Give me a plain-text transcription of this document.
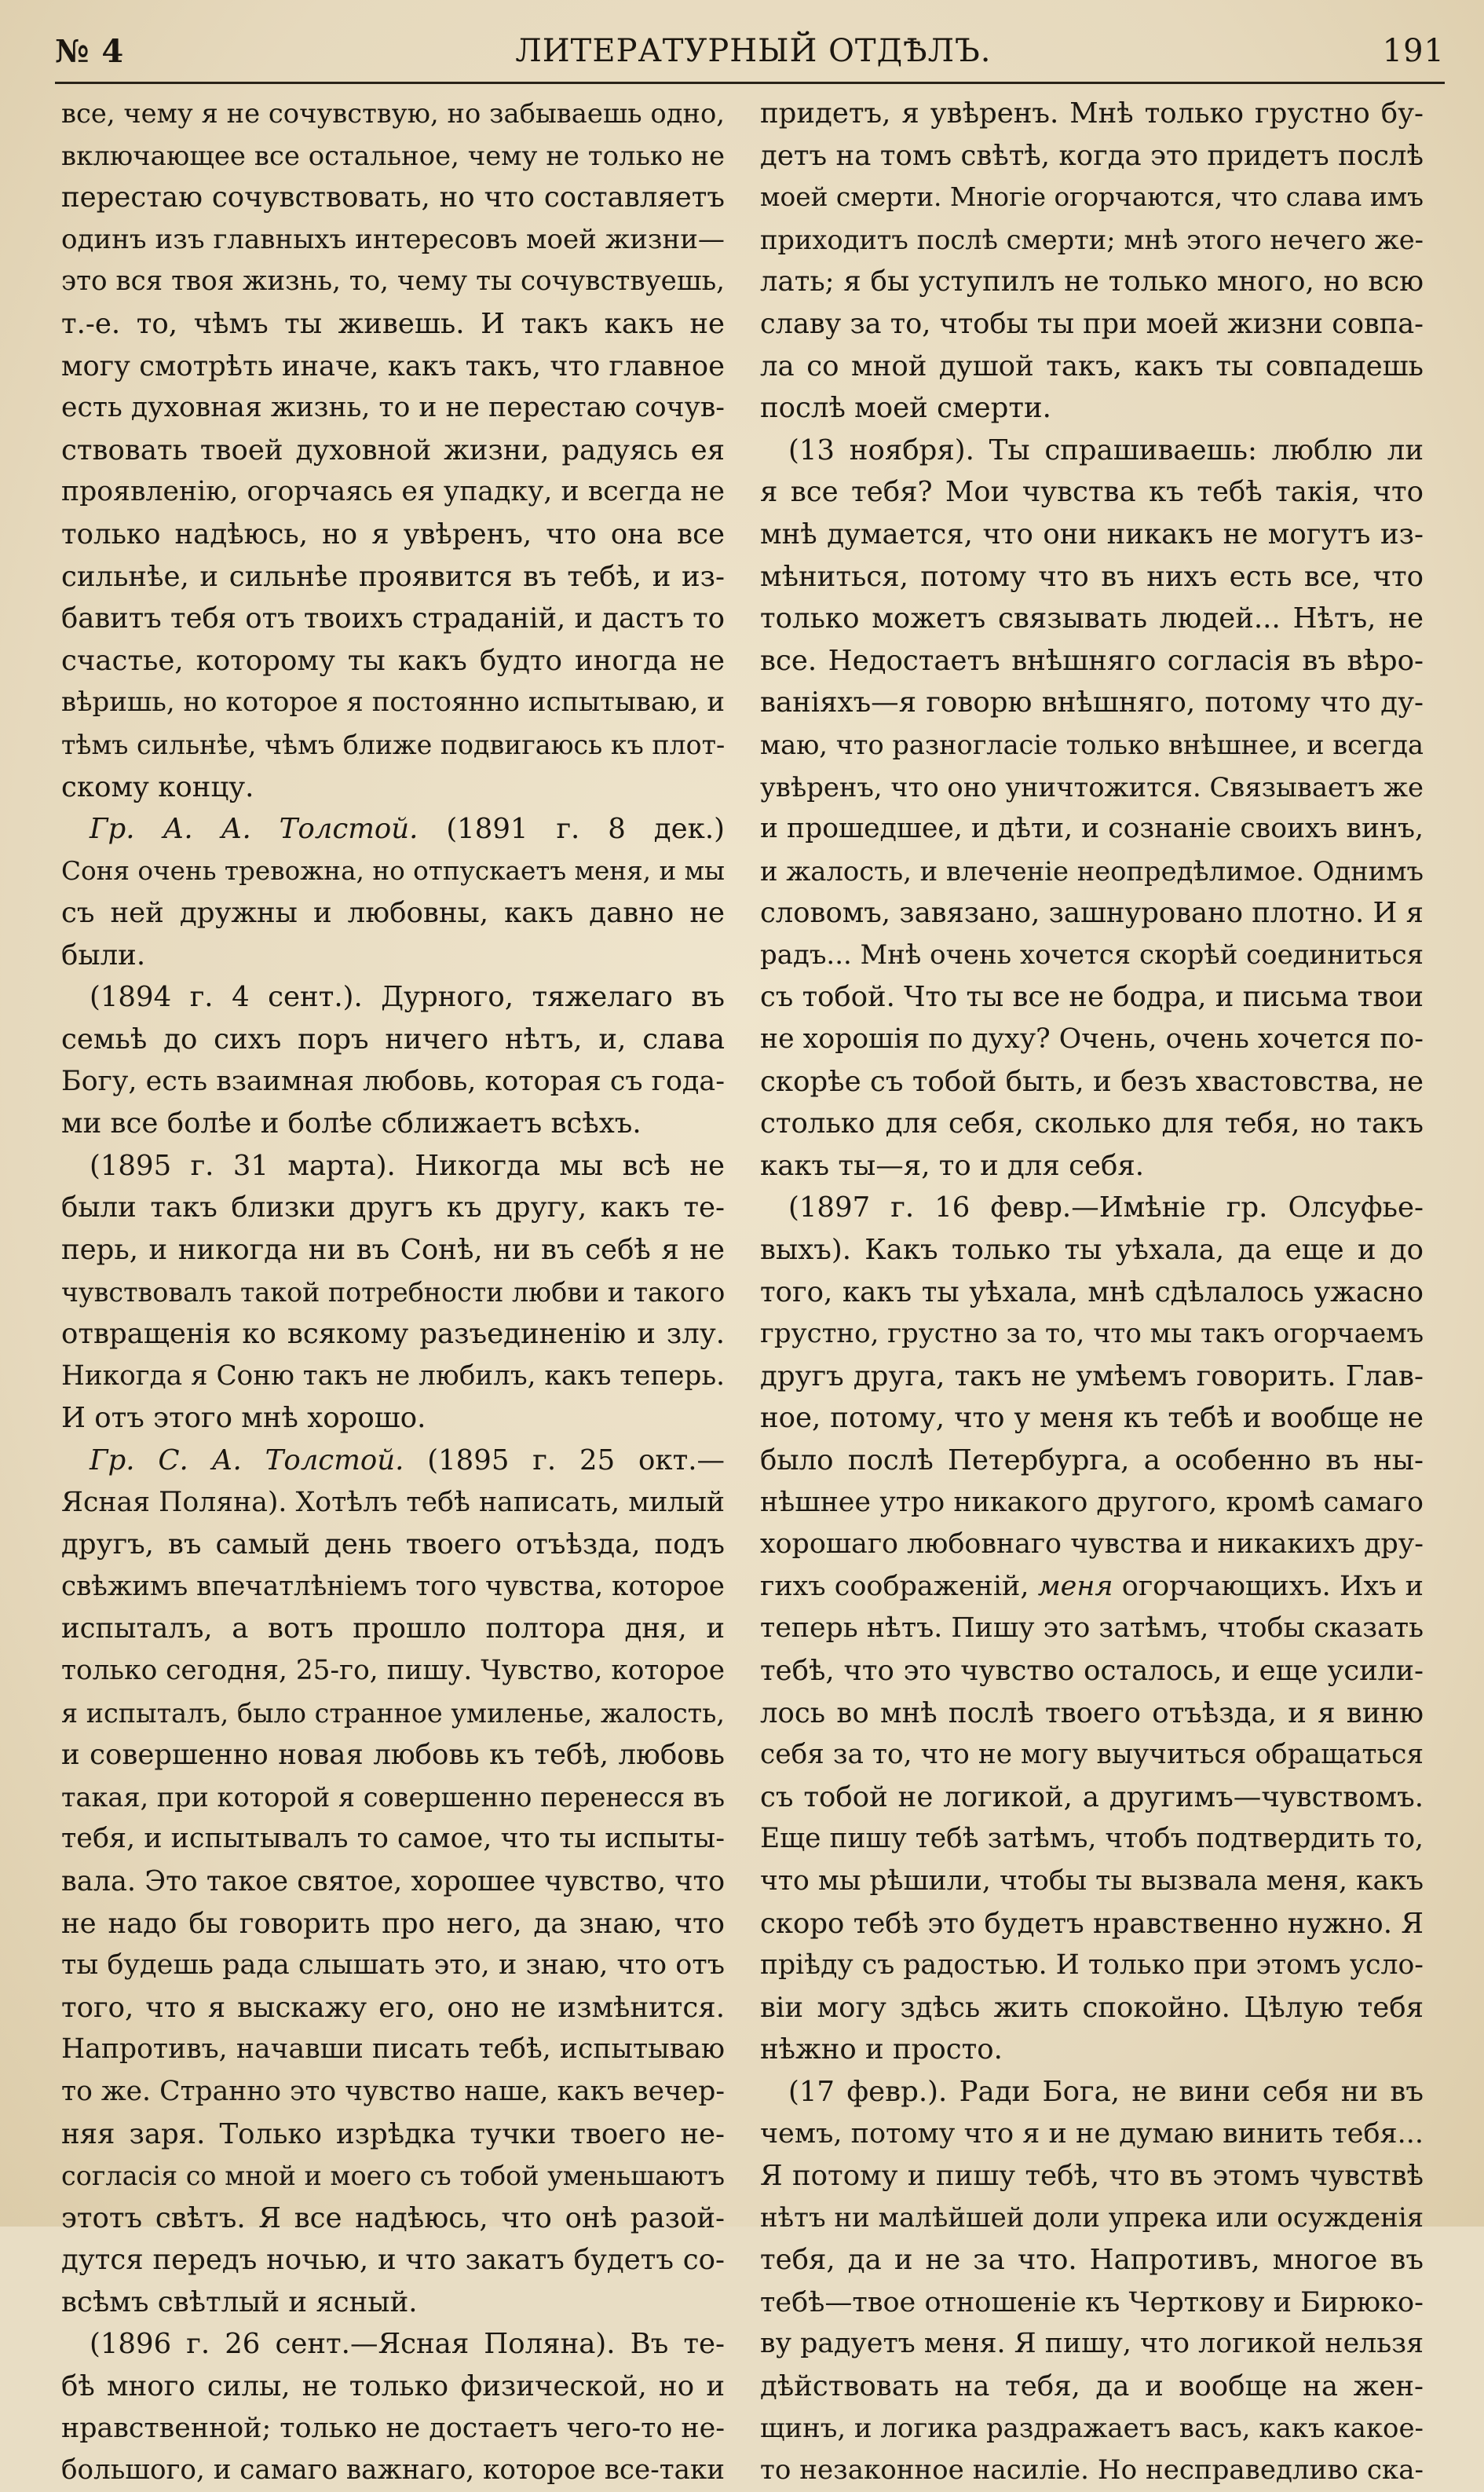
№ 4	ЛИТЕРАТУРНЫЙ ОТДѢЛЪ.	191
все, чему я не сочувствую, но забываешь одно,
включающее все остальное, чему не только не
перестаю сочувствовать, но что составляетъ
одинъ изъ главныхъ интересовъ моей жизни—
это вся твоя жизнь, то, чему ты сочувствуешь,
т.-е. то, чѣмъ ты живешь. И такъ какъ не
могу смотрѣть иначе, какъ такъ, что главное
есть духовная жизнь, то и не перестаю сочув-
ствовать твоей духовной жизни, радуясь ея
проявленію, огорчаясь ея упадку, и всегда не
только надѣюсь, но я увѣренъ, что она все
сильнѣе, и сильнѣе проявится въ тебѣ, и из-
бавитъ тебя отъ твоихъ страданій, и дастъ то
счастье, которому ты какъ будто иногда не
вѣришь, но которое я постоянно испытываю, и
тѣмъ сильнѣе, чѣмъ ближе подвигаюсь къ плот-
скому концу.
Гр. А. А. Толстой. (1891 г. 8 дек.)
Соня очень тревожна, но отпускаетъ меня, и мы
съ ней дружны и любовны, какъ давно не
были.
(1894 г. 4 сент.). Дурного, тяжелаго въ
семьѣ до сихъ поръ ничего нѣтъ, и, слава
Богу, есть взаимная любовь, которая съ года-
ми все болѣе и болѣе сближаетъ всѣхъ.
(1895 г. 31 марта). Никогда мы всѣ не
были такъ близки другъ къ другу, какъ те-
перь, и никогда ни въ Сонѣ, ни въ себѣ я не
чувствовалъ такой потребности любви и такого
отвращенія ко всякому разъединенію и злу.
Никогда я Соню такъ не любилъ, какъ теперь.
И отъ этого мнѣ хорошо.
Гр. С. А. Толстой. (1895 г. 25 окт.—
Ясная Поляна). Хотѣлъ тебѣ написать, милый
другъ, въ самый день твоего отъѣзда, подъ
свѣжимъ впечатлѣніемъ того чувства, которое
испыталъ, а вотъ прошло полтора дня, и
только сегодня, 25-го, пишу. Чувство, которое
я испыталъ, было странное умиленье, жалость,
и совершенно новая любовь къ тебѣ, любовь
такая, при которой я совершенно перенесся въ
тебя, и испытывалъ то самое, что ты испыты-
вала. Это такое святое, хорошее чувство, что
не надо бы говорить про него, да знаю, что
ты будешь рада слышать это, и знаю, что отъ
того, что я выскажу его, оно не измѣнится.
Напротивъ, начавши писать тебѣ, испытываю
то же. Странно это чувство наше, какъ вечер-
няя заря. Только изрѣдка тучки твоего не-
согласія со мной и моего съ тобой уменьшаютъ
этотъ свѣтъ. Я все надѣюсь, что онѣ разой-
дутся передъ ночью, и что закатъ будетъ со-
всѣмъ свѣтлый и ясный.
(1896 г. 26 сент.—Ясная Поляна). Въ те-
бѣ много силы, не только физической, но и
нравственной; только не достаетъ чего-то не-
большого, и самаго важнаго, которое все-таки
придетъ, я увѣренъ. Мнѣ только грустно бу-
детъ на томъ свѣтѣ, когда это придетъ послѣ
моей смерти. Многіе огорчаются, что слава имъ
приходитъ послѣ смерти; мнѣ этого нечего же-
лать; я бы уступилъ не только много, но всю
славу за то, чтобы ты при моей жизни совпа-
ла со мной душой такъ, какъ ты совпадешь
послѣ моей смерти.
(13 ноября). Ты спрашиваешь: люблю ли
я все тебя? Мои чувства къ тебѣ такія, что
мнѣ думается, что они никакъ не могутъ из-
мѣниться, потому что въ нихъ есть все, что
только можетъ связывать людей... Нѣтъ, не
все. Недостаетъ внѣшняго согласія въ вѣро-
ваніяхъ—я говорю внѣшняго, потому что ду-
маю, что разногласіе только внѣшнее, и всегда
увѣренъ, что оно уничтожится. Связываетъ же
и прошедшее, и дѣти, и сознаніе своихъ винъ,
и жалость, и влеченіе неопредѣлимое. Однимъ
словомъ, завязано, зашнуровано плотно. И я
радъ... Мнѣ очень хочется скорѣй соединиться
съ тобой. Что ты все не бодра, и письма твои
не хорошія по духу? Очень, очень хочется по-
скорѣе съ тобой быть, и безъ хвастовства, не
столько для себя, сколько для тебя, но такъ
какъ ты—я, то и для себя.
(1897 г. 16 февр.—Имѣніе гр. Олсуфье-
выхъ). Какъ только ты уѣхала, да еще и до
того, какъ ты уѣхала, мнѣ сдѣлалось ужасно
грустно, грустно за то, что мы такъ огорчаемъ
другъ друга, такъ не умѣемъ говорить. Глав-
ное, потому, что у меня къ тебѣ и вообще не
было послѣ Петербурга, а особенно въ ны-
нѣшнее утро никакого другого, кромѣ самаго
хорошаго любовнаго чувства и никакихъ дру-
гихъ соображеній, меня огорчающихъ. Ихъ и
теперь нѣтъ. Пишу это затѣмъ, чтобы сказать
тебѣ, что это чувство осталось, и еще усили-
лось во мнѣ послѣ твоего отъѣзда, и я виню
себя за то, что не могу выучиться обращаться
съ тобой не логикой, а другимъ—чувствомъ.
Еще пишу тебѣ затѣмъ, чтобъ подтвердить то,
что мы рѣшили, чтобы ты вызвала меня, какъ
скоро тебѣ это будетъ нравственно нужно. Я
пріѣду съ радостью. И только при этомъ усло-
віи могу здѣсь жить спокойно. Цѣлую тебя
нѣжно и просто.
(17 февр.). Ради Бога, не вини себя ни въ
чемъ, потому что я и не думаю винить тебя...
Я потому и пишу тебѣ, что въ этомъ чувствѣ
нѣтъ ни малѣйшей доли упрека или осужденія
тебя, да и не за что. Напротивъ, многое въ
тебѣ—твое отношеніе къ Черткову и Бирюко-
ву радуетъ меня. Я пишу, что логикой нельзя
дѣйствовать на тебя, да и вообще на жен-
щинъ, и логика раздражаетъ васъ, какъ какое-
то незаконное насиліе. Но несправедливо ска-
